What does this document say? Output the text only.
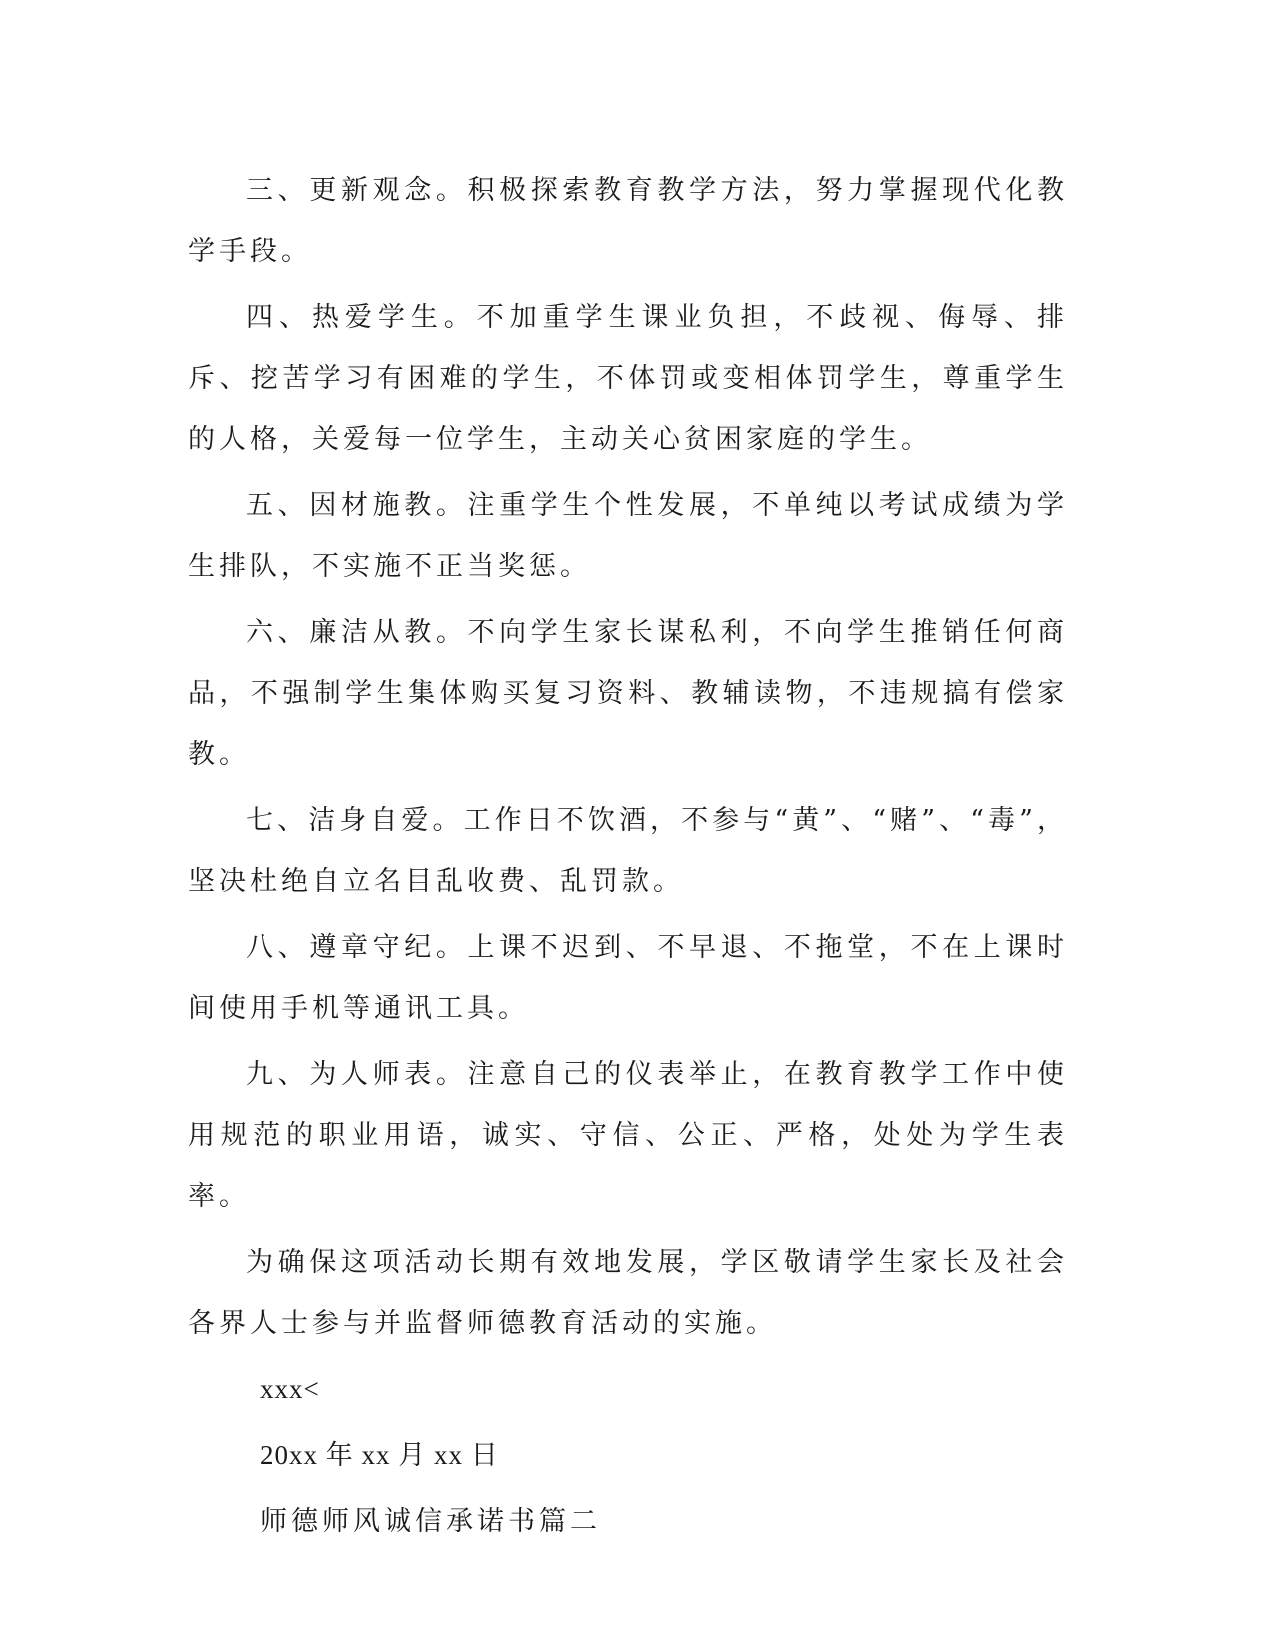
三、更新观念。积极探索教育教学方法，努力掌握现代化教学手段。

四、热爱学生。不加重学生课业负担，不歧视、侮辱、排斥、挖苦学习有困难的学生，不体罚或变相体罚学生，尊重学生的人格，关爱每一位学生，主动关心贫困家庭的学生。

五、因材施教。注重学生个性发展，不单纯以考试成绩为学生排队，不实施不正当奖惩。

六、廉洁从教。不向学生家长谋私利，不向学生推销任何商品，不强制学生集体购买复习资料、教辅读物，不违规搞有偿家教。

七、洁身自爱。工作日不饮酒，不参与“黄”、“赌”、“毒”，坚决杜绝自立名目乱收费、乱罚款。

八、遵章守纪。上课不迟到、不早退、不拖堂，不在上课时间使用手机等通讯工具。

九、为人师表。注意自己的仪表举止，在教育教学工作中使用规范的职业用语，诚实、守信、公正、严格，处处为学生表率。

为确保这项活动长期有效地发展，学区敬请学生家长及社会各界人士参与并监督师德教育活动的实施。

xxx<

20xx 年 xx 月 xx 日

师德师风诚信承诺书篇二
